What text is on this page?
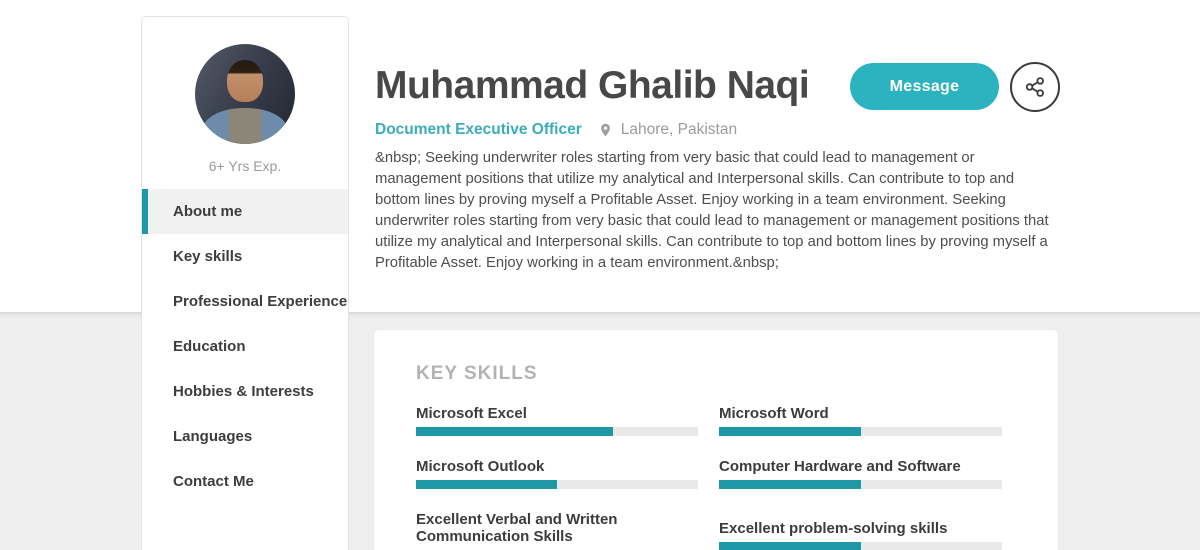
6+ Yrs Exp.
About me
Key skills
Professional Experience
Education
Hobbies & Interests
Languages
Contact Me
Muhammad Ghalib Naqi	Message
Document Executive Officer	Lahore, Pakistan

&nbsp; Seeking underwriter roles starting from very basic that could lead to management or management positions that utilize my analytical and Interpersonal skills. Can contribute to top and bottom lines by proving myself a Profitable Asset. Enjoy working in a team environment. Seeking underwriter roles starting from very basic that could lead to management or management positions that utilize my analytical and Interpersonal skills. Can contribute to top and bottom lines by proving myself a Profitable Asset. Enjoy working in a team environment.&nbsp;

KEY SKILLS
Microsoft Excel	Microsoft Word
Microsoft Outlook	Computer Hardware and Software
Excellent Verbal and Written Communication Skills	Excellent problem-solving skills
